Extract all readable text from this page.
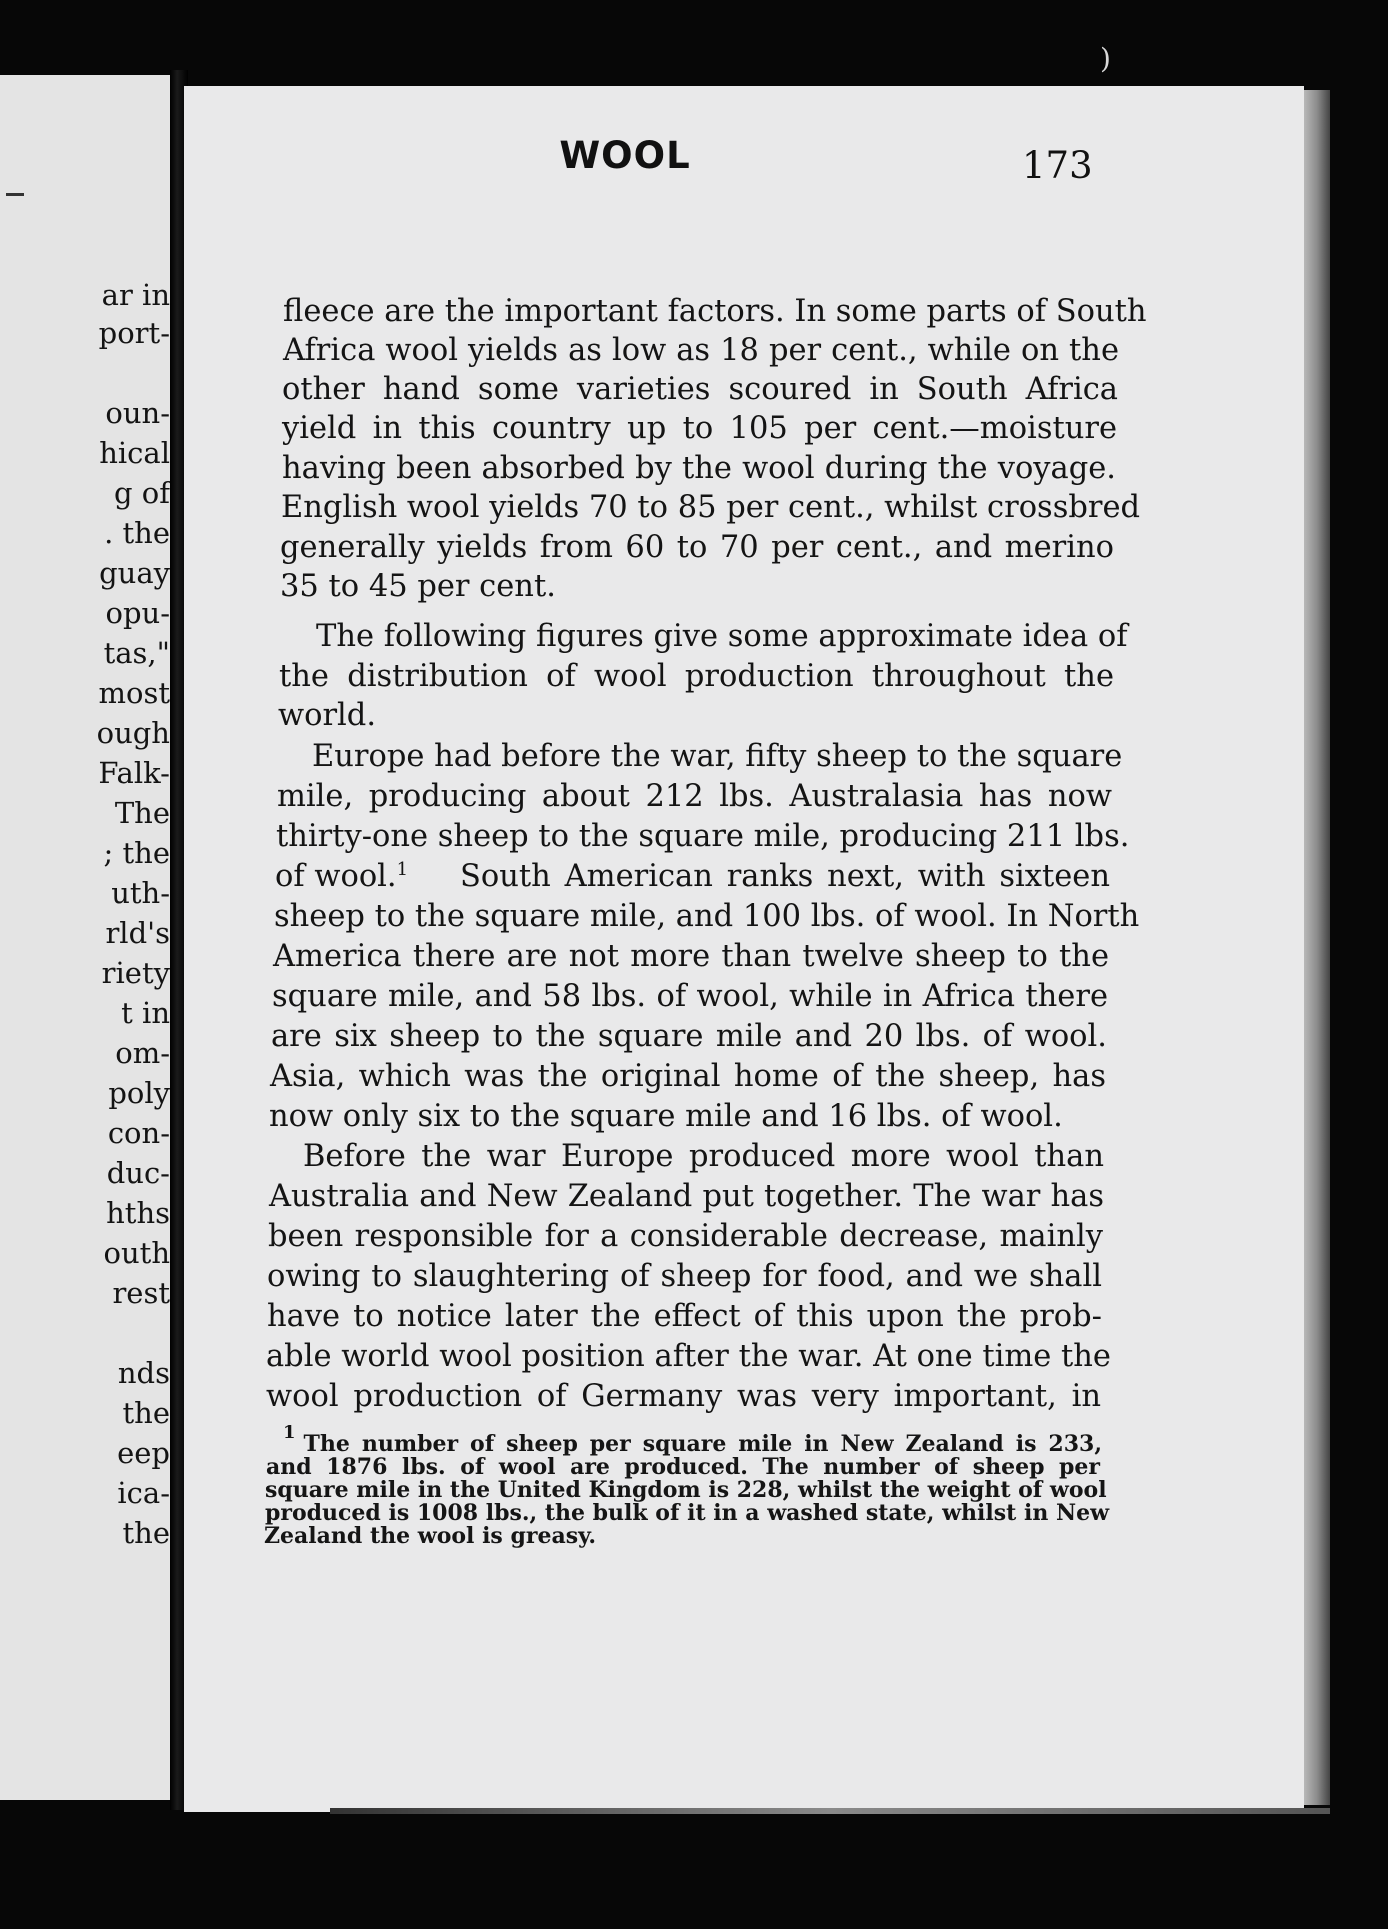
ar in
port-
oun-
hical
g of
. the
guay
opu-
tas,"
most
ough
Falk-
The
; the
uth-
rld's
riety
t in
om-
poly
con-
duc-
hths
outh
rest
nds
the
eep
ica-
the
)
WOOL	173
fleece are the important factors. In some parts of South
Africa wool yields as low as 18 per cent., while on the
other hand some varieties scoured in South Africa
yield in this country up to 105 per cent.—moisture
having been absorbed by the wool during the voyage.
English wool yields 70 to 85 per cent., whilst crossbred
generally yields from 60 to 70 per cent., and merino
35 to 45 per cent.
The following figures give some approximate idea of
the distribution of wool production throughout the
world.
Europe had before the war, fifty sheep to the square
mile, producing about 212 lbs. Australasia has now
thirty-one sheep to the square mile, producing 211 lbs.
of wool.$^1$ South American ranks next, with sixteen
sheep to the square mile, and 100 lbs. of wool. In North
America there are not more than twelve sheep to the
square mile, and 58 lbs. of wool, while in Africa there
are six sheep to the square mile and 20 lbs. of wool.
Asia, which was the original home of the sheep, has
now only six to the square mile and 16 lbs. of wool.
Before the war Europe produced more wool than
Australia and New Zealand put together. The war has
been responsible for a considerable decrease, mainly
owing to slaughtering of sheep for food, and we shall
have to notice later the effect of this upon the prob-
able world wool position after the war. At one time the
wool production of Germany was very important, in
1 The number of sheep per square mile in New Zealand is 233,
and 1876 lbs. of wool are produced. The number of sheep per
square mile in the United Kingdom is 228, whilst the weight of wool
produced is 1008 lbs., the bulk of it in a washed state, whilst in New
Zealand the wool is greasy.
